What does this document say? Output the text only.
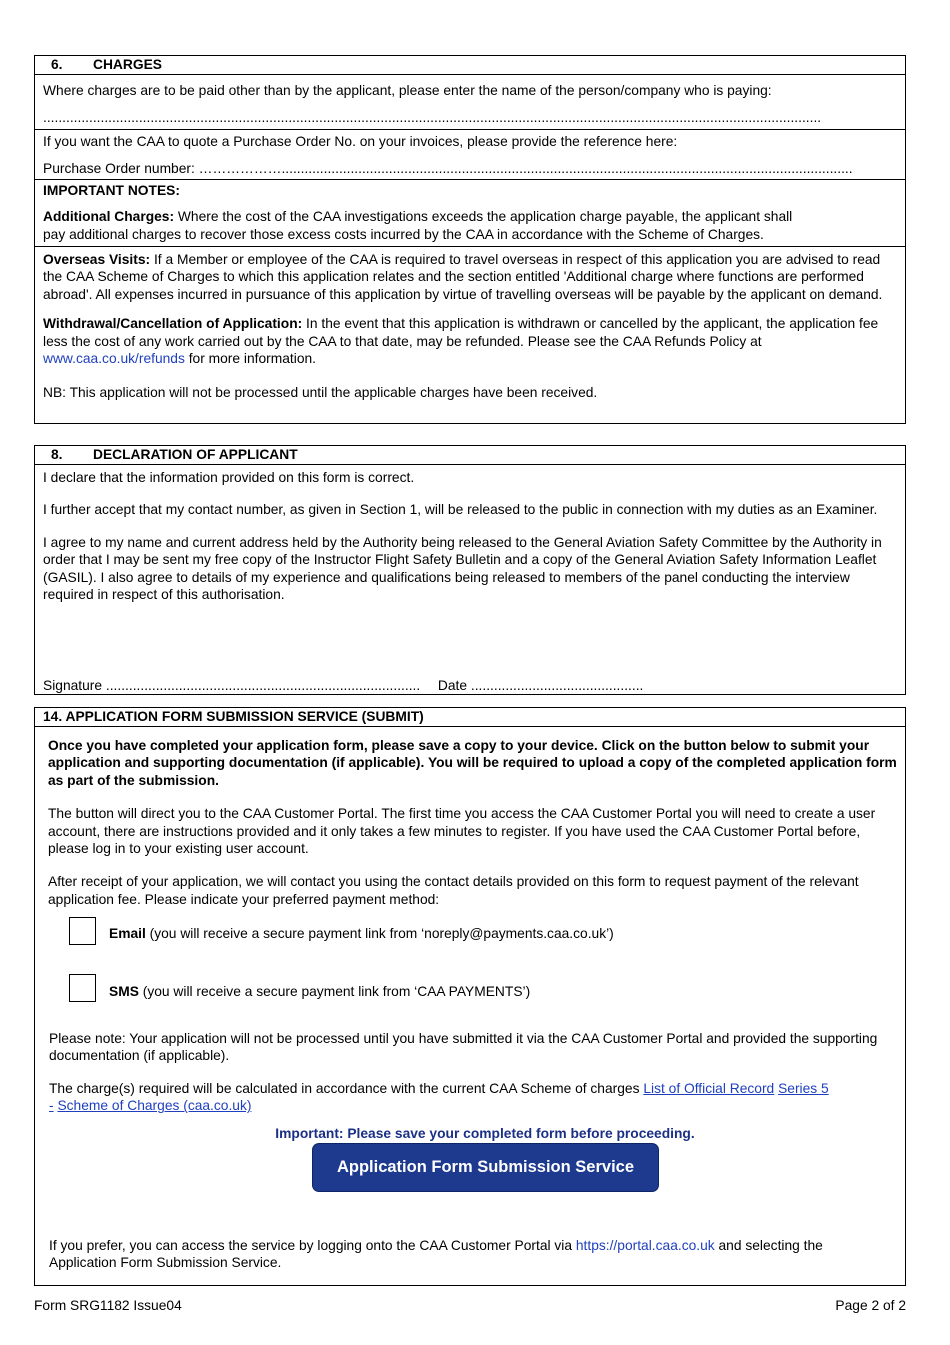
6. CHARGES

Where charges are to be paid other than by the applicant, please enter the name of the person/company who is paying:

...........................................................................................................................................................................................................

If you want the CAA to quote a Purchase Order No. on your invoices, please provide the reference here:

Purchase Order number: ……………….....................................................................................................................................................

IMPORTANT NOTES:

Additional Charges: Where the cost of the CAA investigations exceeds the application charge payable, the applicant shall
pay additional charges to recover those excess costs incurred by the CAA in accordance with the Scheme of Charges.

Overseas Visits: If a Member or employee of the CAA is required to travel overseas in respect of this application you are advised to read the CAA Scheme of Charges to which this application relates and the section entitled 'Additional charge where functions are performed abroad'. All expenses incurred in pursuance of this application by virtue of travelling overseas will be payable by the applicant on demand.

Withdrawal/Cancellation of Application: In the event that this application is withdrawn or cancelled by the applicant, the application fee less the cost of any work carried out by the CAA to that date, may be refunded. Please see the CAA Refunds Policy at www.caa.co.uk/refunds for more information.

NB: This application will not be processed until the applicable charges have been received.

8. DECLARATION OF APPLICANT

I declare that the information provided on this form is correct.

I further accept that my contact number, as given in Section 1, will be released to the public in connection with my duties as an Examiner.

I agree to my name and current address held by the Authority being released to the General Aviation Safety Committee by the Authority in order that I may be sent my free copy of the Instructor Flight Safety Bulletin and a copy of the General Aviation Safety Information Leaflet (GASIL). I also agree to details of my experience and qualifications being released to members of the panel conducting the interview required in respect of this authorisation.

Signature .................................................................................. Date .............................................
14. APPLICATION FORM SUBMISSION SERVICE (SUBMIT)

Once you have completed your application form, please save a copy to your device. Click on the button below to submit your application and supporting documentation (if applicable). You will be required to upload a copy of the completed application form as part of the submission.

The button will direct you to the CAA Customer Portal. The first time you access the CAA Customer Portal you will need to create a user account, there are instructions provided and it only takes a few minutes to register. If you have used the CAA Customer Portal before, please log in to your existing user account.

After receipt of your application, we will contact you using the contact details provided on this form to request payment of the relevant application fee. Please indicate your preferred payment method:

Email (you will receive a secure payment link from ‘noreply@payments.caa.co.uk’)
SMS (you will receive a secure payment link from ‘CAA PAYMENTS’)

Please note: Your application will not be processed until you have submitted it via the CAA Customer Portal and provided the supporting documentation (if applicable).

The charge(s) required will be calculated in accordance with the current CAA Scheme of charges List of Official Record Series 5
- Scheme of Charges (caa.co.uk)

Important: Please save your completed form before proceeding.
Application Form Submission Service

If you prefer, you can access the service by logging onto the CAA Customer Portal via https://portal.caa.co.uk and selecting the Application Form Submission Service.

Form SRG1182 Issue04	Page 2 of 2
